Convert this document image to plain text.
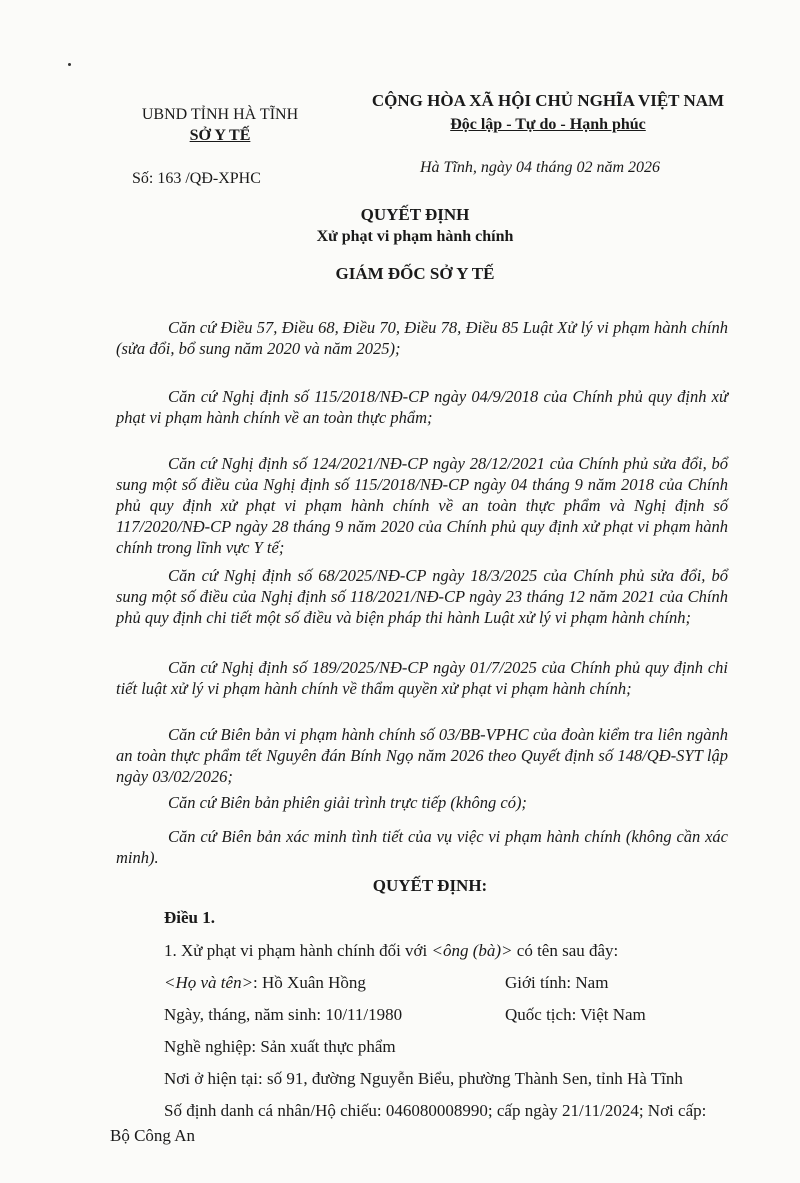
UBND TỈNH HÀ TĨNH
SỞ Y TẾ
Số: 163 /QĐ-XPHC
CỘNG HÒA XÃ HỘI CHỦ NGHĨA VIỆT NAM
Độc lập - Tự do - Hạnh phúc
Hà Tĩnh, ngày 04 tháng 02 năm 2026
QUYẾT ĐỊNH
Xử phạt vi phạm hành chính
GIÁM ĐỐC SỞ Y TẾ
Căn cứ Điều 57, Điều 68, Điều 70, Điều 78, Điều 85 Luật Xử lý vi phạm hành chính (sửa đổi, bổ sung năm 2020 và năm 2025);
Căn cứ Nghị định số 115/2018/NĐ-CP ngày 04/9/2018 của Chính phủ quy định xử phạt vi phạm hành chính về an toàn thực phẩm;
Căn cứ Nghị định số 124/2021/NĐ-CP ngày 28/12/2021 của Chính phủ sửa đổi, bổ sung một số điều của Nghị định số 115/2018/NĐ-CP ngày 04 tháng 9 năm 2018 của Chính phủ quy định xử phạt vi phạm hành chính về an toàn thực phẩm và Nghị định số 117/2020/NĐ-CP ngày 28 tháng 9 năm 2020 của Chính phủ quy định xử phạt vi phạm hành chính trong lĩnh vực Y tế;
Căn cứ Nghị định số 68/2025/NĐ-CP ngày 18/3/2025 của Chính phủ sửa đổi, bổ sung một số điều của Nghị định số 118/2021/NĐ-CP ngày 23 tháng 12 năm 2021 của Chính phủ quy định chi tiết một số điều và biện pháp thi hành Luật xử lý vi phạm hành chính;
Căn cứ Nghị định số 189/2025/NĐ-CP ngày 01/7/2025 của Chính phủ quy định chi tiết luật xử lý vi phạm hành chính về thẩm quyền xử phạt vi phạm hành chính;
Căn cứ Biên bản vi phạm hành chính số 03/BB-VPHC của đoàn kiểm tra liên ngành an toàn thực phẩm tết Nguyên đán Bính Ngọ năm 2026 theo Quyết định số 148/QĐ-SYT lập ngày 03/02/2026;
Căn cứ Biên bản phiên giải trình trực tiếp (không có);
Căn cứ Biên bản xác minh tình tiết của vụ việc vi phạm hành chính (không cần xác minh).
QUYẾT ĐỊNH:
Điều 1.
1. Xử phạt vi phạm hành chính đối với <ông (bà)> có tên sau đây:
<Họ và tên>: Hồ Xuân Hồng	Giới tính: Nam
Ngày, tháng, năm sinh: 10/11/1980	Quốc tịch: Việt Nam
Nghề nghiệp: Sản xuất thực phẩm
Nơi ở hiện tại: số 91, đường Nguyễn Biểu, phường Thành Sen, tỉnh Hà Tĩnh
Số định danh cá nhân/Hộ chiếu: 046080008990; cấp ngày 21/11/2024; Nơi cấp:
Bộ Công An
